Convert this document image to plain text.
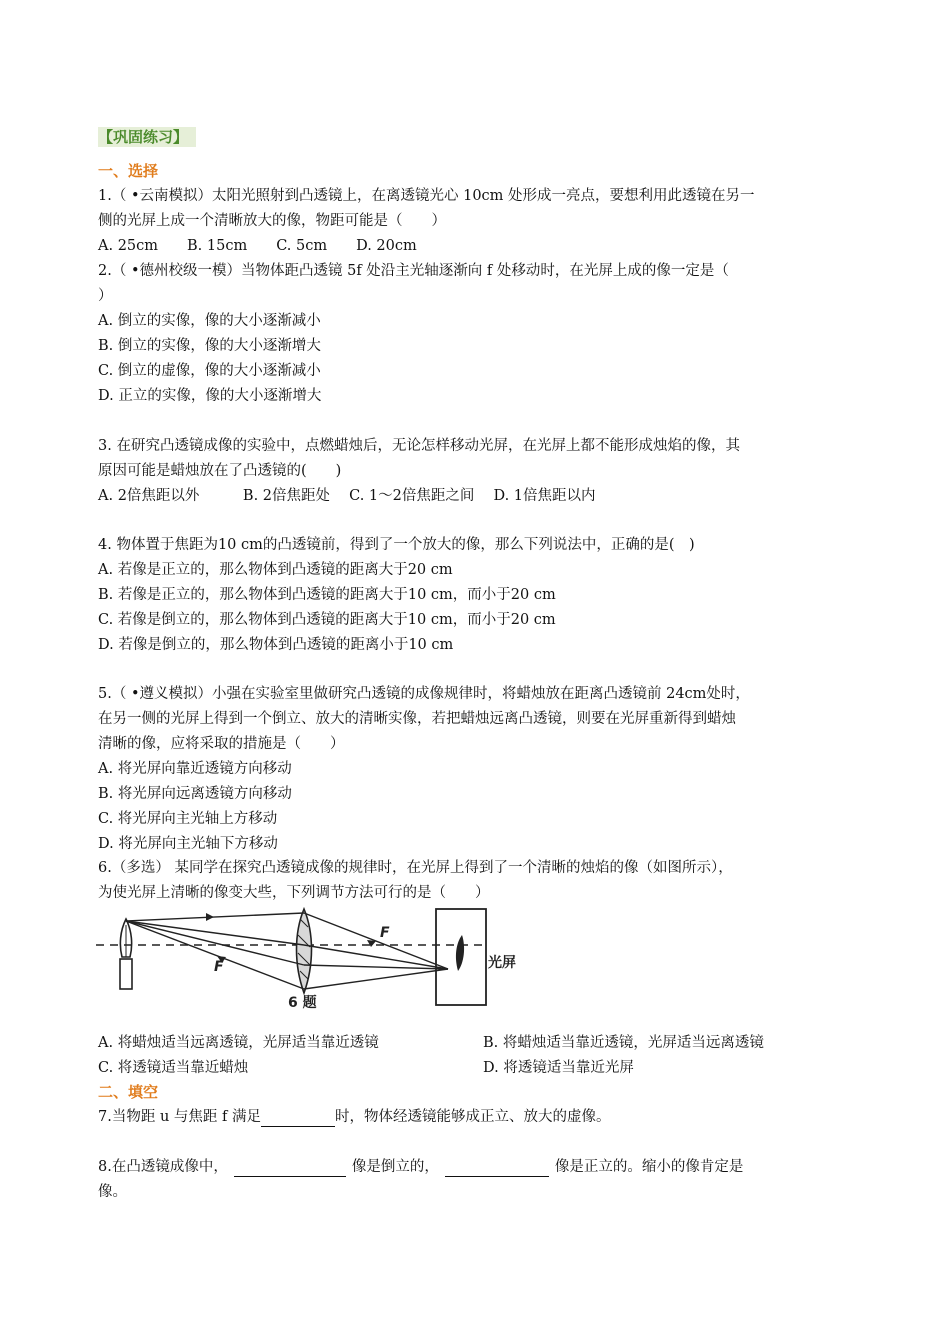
【巩固练习】
一、选择
1.（ •云南模拟）太阳光照射到凸透镜上，在离透镜光心 10cm 处形成一亮点，要想利用此透镜在另一
侧的光屏上成一个清晰放大的像，物距可能是（　　）
A. 25cm　　B. 15cm　　C. 5cm　　D. 20cm
2.（ •德州校级一模）当物体距凸透镜 5f 处沿主光轴逐渐向 f 处移动时，在光屏上成的像一定是（
）
A. 倒立的实像，像的大小逐渐减小
B. 倒立的实像，像的大小逐渐增大
C. 倒立的虚像，像的大小逐渐减小
D. 正立的实像，像的大小逐渐增大
3. 在研究凸透镜成像的实验中，点燃蜡烛后，无论怎样移动光屏，在光屏上都不能形成烛焰的像，其
原因可能是蜡烛放在了凸透镜的(　　)
A. 2倍焦距以外　　　B. 2倍焦距处　 C. 1～2倍焦距之间　 D. 1倍焦距以内
4. 物体置于焦距为10 cm的凸透镜前，得到了一个放大的像，那么下列说法中，正确的是(　)
A. 若像是正立的，那么物体到凸透镜的距离大于20 cm
B. 若像是正立的，那么物体到凸透镜的距离大于10 cm，而小于20 cm
C. 若像是倒立的，那么物体到凸透镜的距离大于10 cm，而小于20 cm
D. 若像是倒立的，那么物体到凸透镜的距离小于10 cm
5.（ •遵义模拟）小强在实验室里做研究凸透镜的成像规律时，将蜡烛放在距离凸透镜前 24cm处时，
在另一侧的光屏上得到一个倒立、放大的清晰实像，若把蜡烛远离凸透镜，则要在光屏重新得到蜡烛
清晰的像，应将采取的措施是（　　）
A. 将光屏向靠近透镜方向移动
B. 将光屏向远离透镜方向移动
C. 将光屏向主光轴上方移动
D. 将光屏向主光轴下方移动
6.（多选） 某同学在探究凸透镜成像的规律时，在光屏上得到了一个清晰的烛焰的像（如图所示），
为使光屏上清晰的像变大些，下列调节方法可行的是（　　）
F
F	光屏
6 题
A. 将蜡烛适当远离透镜，光屏适当靠近透镜	B. 将蜡烛适当靠近透镜，光屏适当远离透镜
C. 将透镜适当靠近蜡烛	D. 将透镜适当靠近光屏
二、填空
7.当物距 u 与焦距 f 满足	时，物体经透镜能够成正立、放大的虚像。
8.在凸透镜成像中，	像是倒立的，	像是正立的。缩小的像肯定是
像。
